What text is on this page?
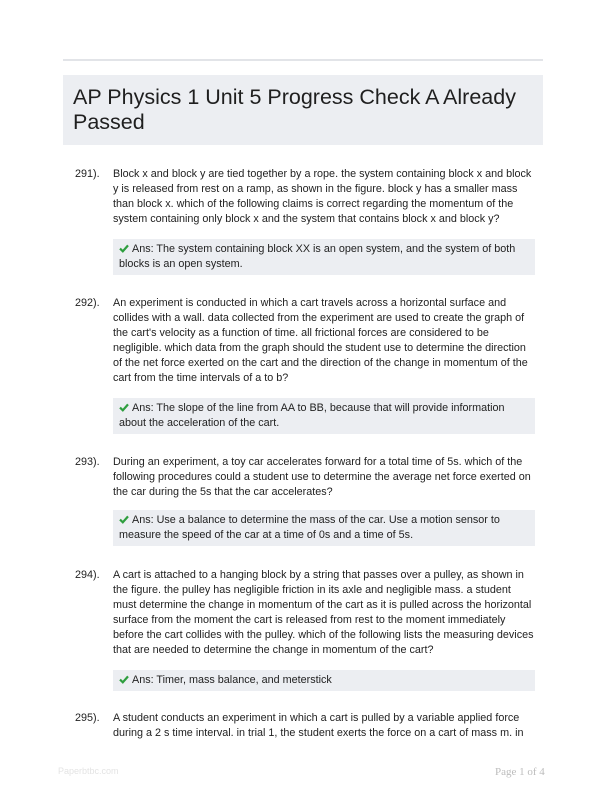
AP Physics 1 Unit 5 Progress Check A Already Passed
291). Block x and block y are tied together by a rope. the system containing block x and block y is released from rest on a ramp, as shown in the figure. block y has a smaller mass than block x. which of the following claims is correct regarding the momentum of the system containing only block x and the system that contains block x and block y?
Ans: The system containing block XX is an open system, and the system of both blocks is an open system.
292). An experiment is conducted in which a cart travels across a horizontal surface and collides with a wall. data collected from the experiment are used to create the graph of the cart's velocity as a function of time. all frictional forces are considered to be negligible. which data from the graph should the student use to determine the direction of the net force exerted on the cart and the direction of the change in momentum of the cart from the time intervals of a to b?
Ans: The slope of the line from AA to BB, because that will provide information about the acceleration of the cart.
293). During an experiment, a toy car accelerates forward for a total time of 5s. which of the following procedures could a student use to determine the average net force exerted on the car during the 5s that the car accelerates?
Ans: Use a balance to determine the mass of the car. Use a motion sensor to measure the speed of the car at a time of 0s and a time of 5s.
294). A cart is attached to a hanging block by a string that passes over a pulley, as shown in the figure. the pulley has negligible friction in its axle and negligible mass. a student must determine the change in momentum of the cart as it is pulled across the horizontal surface from the moment the cart is released from rest to the moment immediately before the cart collides with the pulley. which of the following lists the measuring devices that are needed to determine the change in momentum of the cart?
Ans: Timer, mass balance, and meterstick
295). A student conducts an experiment in which a cart is pulled by a variable applied force during a 2 s time interval. in trial 1, the student exerts the force on a cart of mass m. in
Paperbtbc.com	Page 1 of 4
